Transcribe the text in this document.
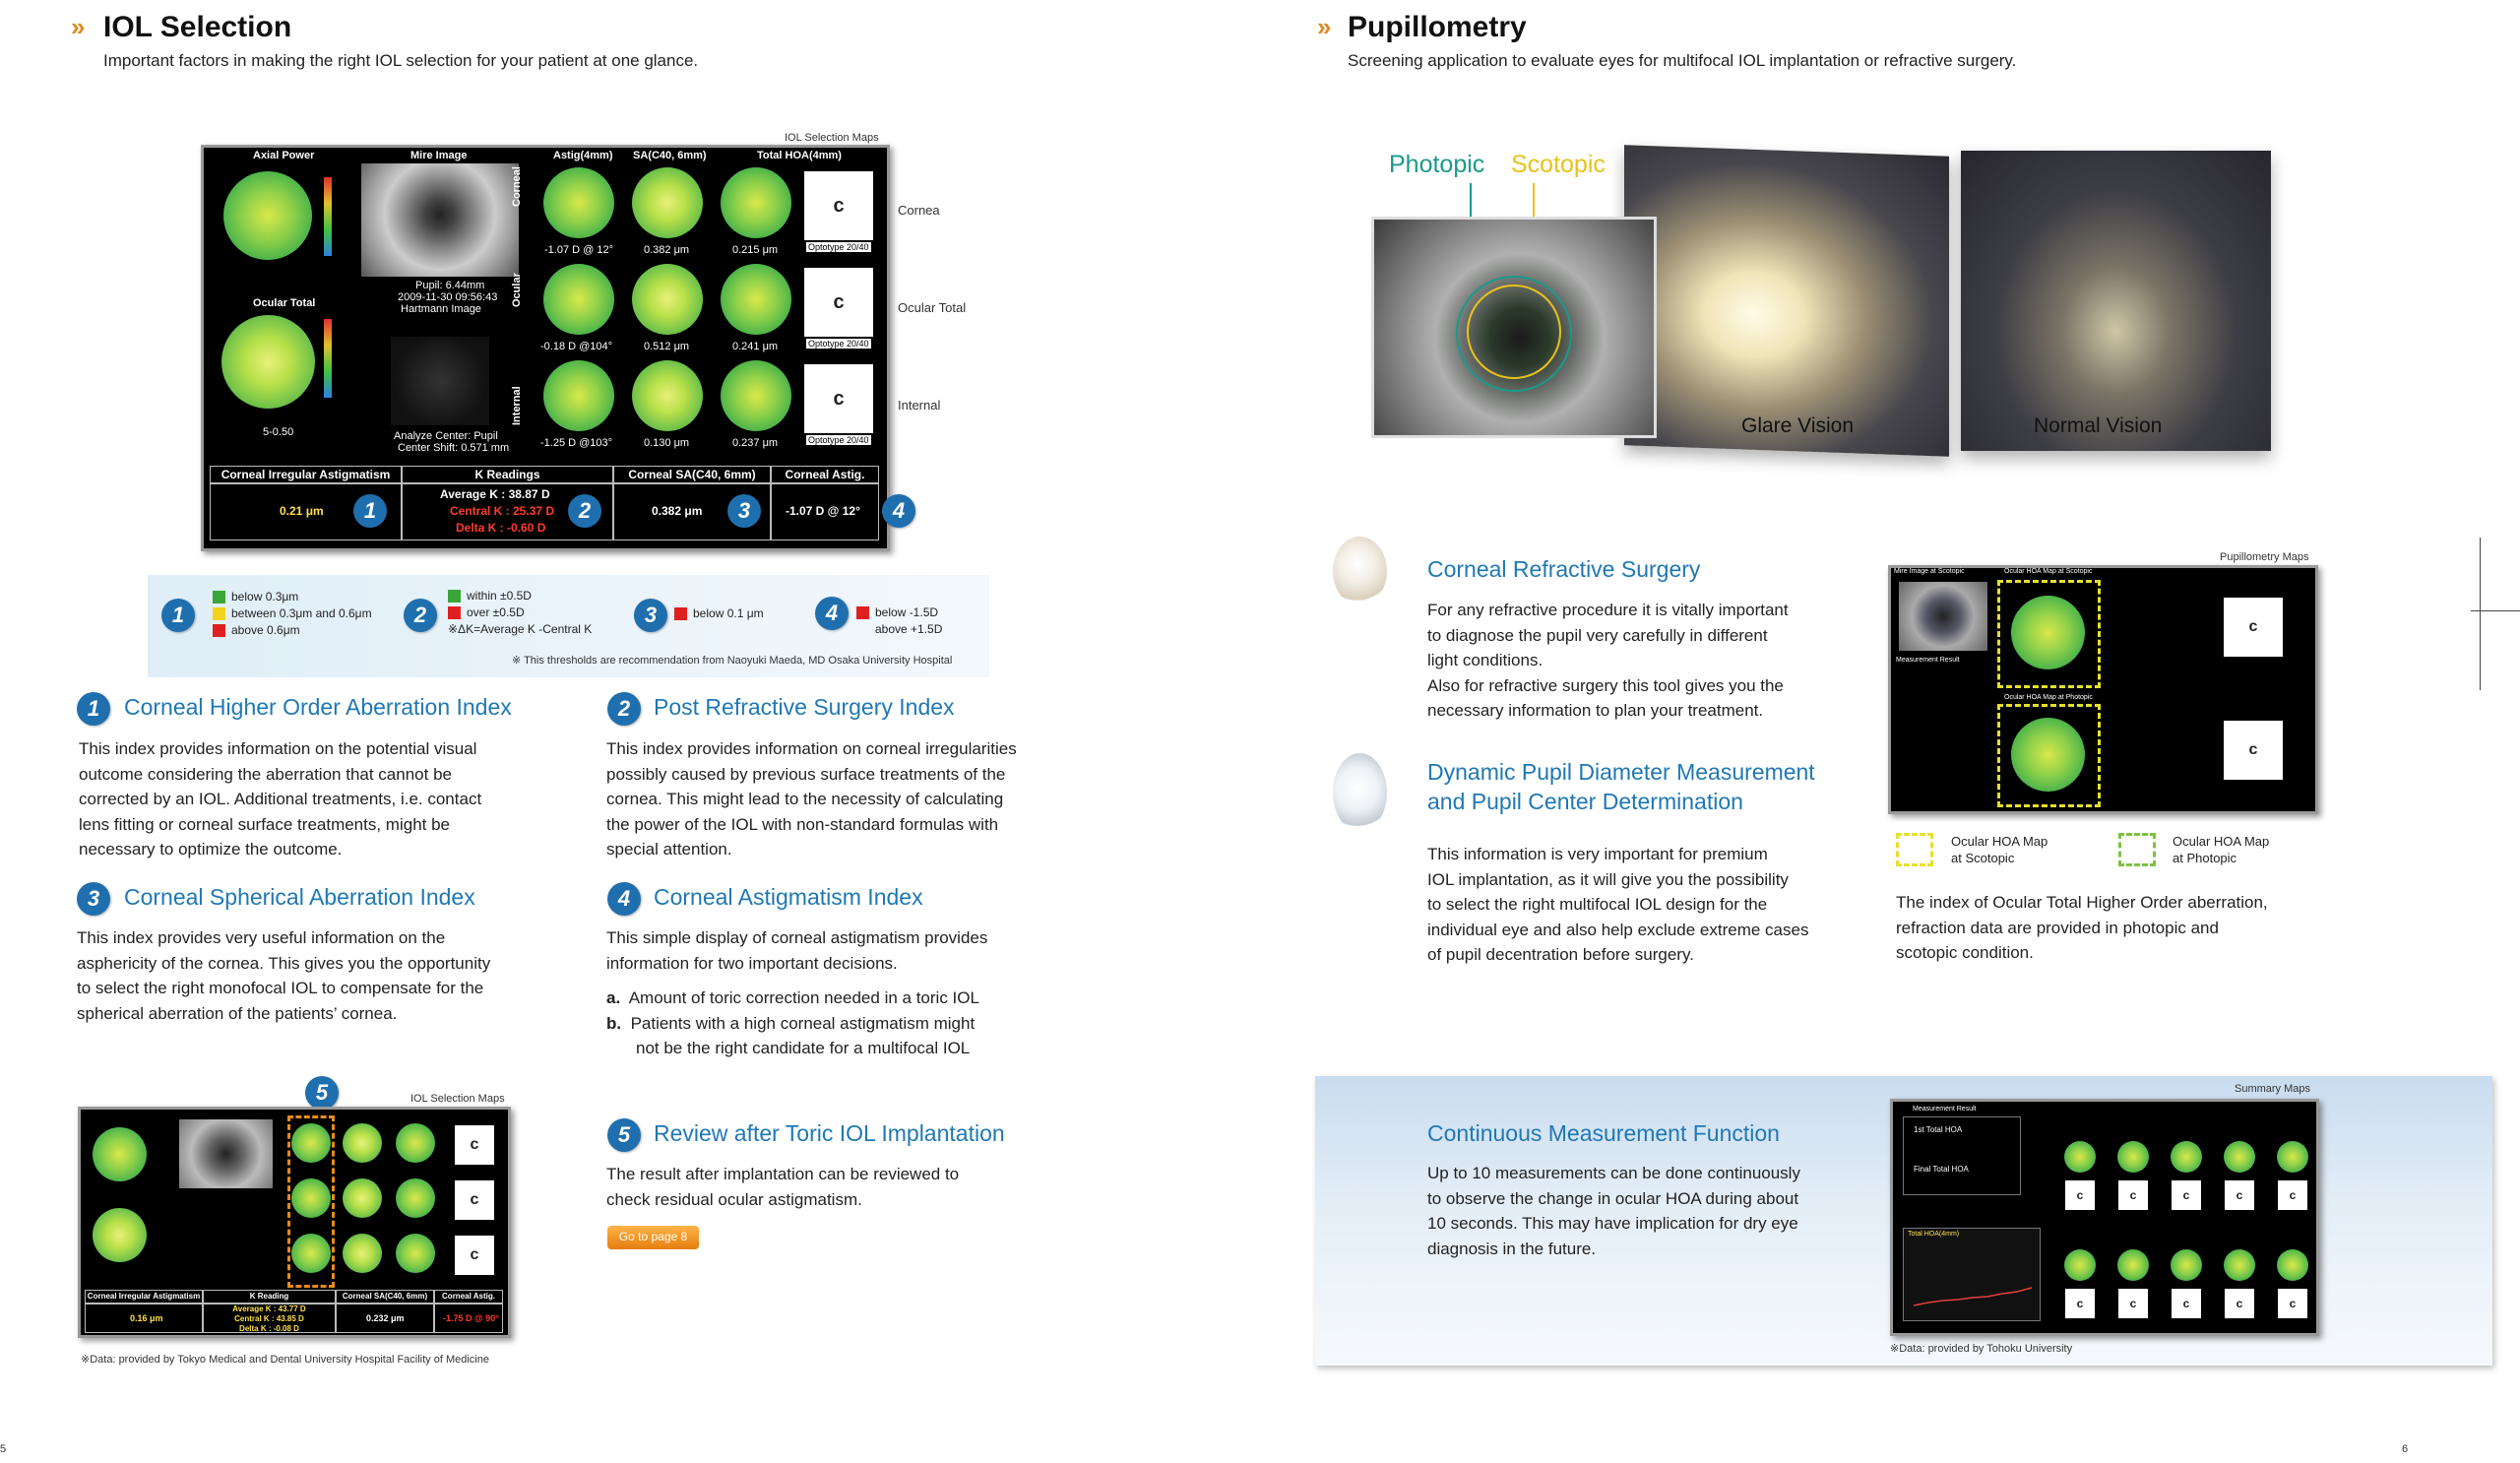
» IOL Selection
Important factors in making the right IOL selection for your patient at one glance.
IOL Selection Maps
Axial Power	Mire Image	Astig(4mm) SA(C40, 6mm)	Total HOA(4mm)
Ocular Total
5-0.50
Pupil: 6.44mm
2009-11-30 09:56:43
Hartmann Image
Analyze Center: Pupil
Center Shift: 0.571 mm
Corneal
Ocular
Internal
c
-1.07 D @ 12°	0.382 μm	0.215 μm	Optotype 20/40
c
-0.18 D @104°	0.512 μm	0.241 μm	Optotype 20/40
c
-1.25 D @103°	0.130 μm	0.237 μm	Optotype 20/40
Corneal Irregular Astigmatism	K Readings	Corneal SA(C40, 6mm)	Corneal Astig.
0.21 μm
Average K : 38.87 D
Central K : 25.37 D
Delta K : -0.60 D
0.382 μm	-1.07 D @ 12°
1	2	3	4
Cornea
Ocular Total
Internal
1
below 0.3μm
between 0.3μm and 0.6μm
above 0.6μm
2
within ±0.5D
over ±0.5D
※ΔK=Average K -Central K
3	below 0.1 μm	4	below -1.5D
above +1.5D
※ This thresholds are recommendation from Naoyuki Maeda, MD Osaka University Hospital
1	Corneal Higher Order Aberration Index
This index provides information on the potential visual
outcome considering the aberration that cannot be
corrected by an IOL. Additional treatments, i.e. contact
lens fitting or corneal surface treatments, might be
necessary to optimize the outcome.
2	Post Refractive Surgery Index
This index provides information on corneal irregularities
possibly caused by previous surface treatments of the
cornea. This might lead to the necessity of calculating
the power of the IOL with non-standard formulas with
special attention.
3	Corneal Spherical Aberration Index
This index provides very useful information on the
asphericity of the cornea. This gives you the opportunity
to select the right monofocal IOL to compensate for the
spherical aberration of the patients’ cornea.
4	Corneal Astigmatism Index
This simple display of corneal astigmatism provides
information for two important decisions.
a. Amount of toric correction needed in a toric IOL
b. Patients with a high corneal astigmatism might
not be the right candidate for a multifocal IOL
IOL Selection Maps
5
c
c
c
Corneal Irregular Astigmatism	K Reading	Corneal SA(C40, 6mm)	Corneal Astig.
0.16 μm
Average K : 43.77 D
Central K : 43.85 D
Delta K : -0.08 D
0.232 μm	-1.75 D @ 90°
5	Review after Toric IOL Implantation
The result after implantation can be reviewed to
check residual ocular astigmatism.
Go to page 8
※Data: provided by Tokyo Medical and Dental University Hospital Facility of Medicine
5
» Pupillometry
Screening application to evaluate eyes for multifocal IOL implantation or refractive surgery.
Photopic Scotopic
Glare Vision	Normal Vision
Corneal Refractive Surgery
For any refractive procedure it is vitally important
to diagnose the pupil very carefully in different
light conditions.
Also for refractive surgery this tool gives you the
necessary information to plan your treatment.
Dynamic Pupil Diameter Measurement
and Pupil Center Determination
This information is very important for premium
IOL implantation, as it will give you the possibility
to select the right multifocal IOL design for the
individual eye and also help exclude extreme cases
of pupil decentration before surgery.
Pupillometry Maps
Mire Image at Scotopic
Measurement Result
Ocular HOA Map at Scotopic
c
Ocular HOA Map at Photopic
c
Ocular HOA Map
at Scotopic
Ocular HOA Map
at Photopic
The index of Ocular Total Higher Order aberration,
refraction data are provided in photopic and
scotopic condition.
Continuous Measurement Function
Up to 10 measurements can be done continuously
to observe the change in ocular HOA during about
10 seconds. This may have implication for dry eye
diagnosis in the future.
Summary Maps
Measurement Result
1st Total HOA
Final Total HOA
Total HOA(4mm)
c	c	c	c	c
c	c	c	c	c
※Data: provided by Tohoku University
6
